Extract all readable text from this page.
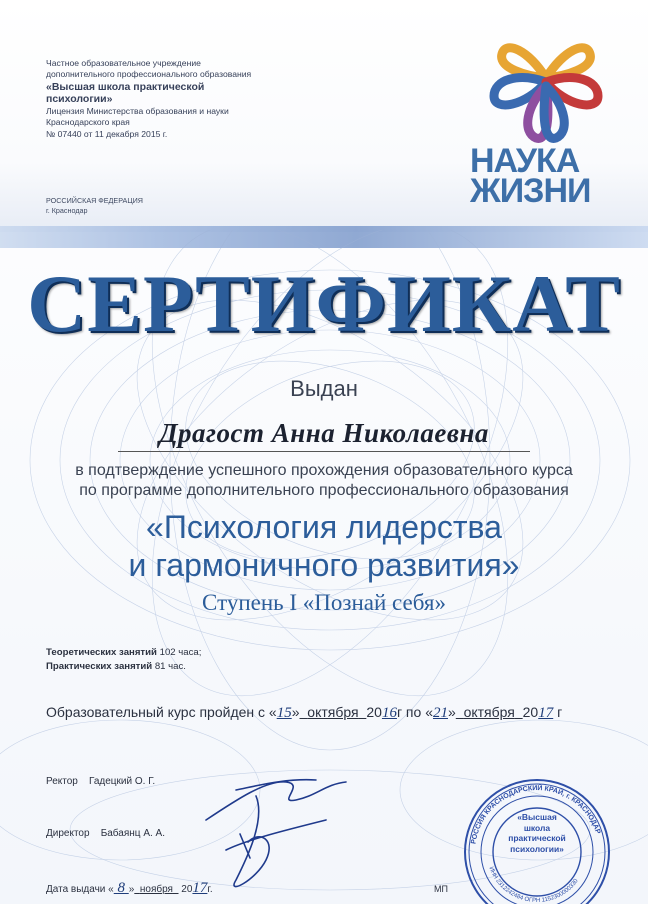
Частное образовательное учреждение
дополнительного профессионального образования
«Высшая школа практической
психологии»
Лицензия Министерства образования и науки
Краснодарского края
№ 07440 от 11 декабря 2015 г.
РОССИЙСКАЯ ФЕДЕРАЦИЯ
г. Краснодар
НАУКА
ЖИЗНИ
СЕРТИФИКАТ
Выдан
Драгост Анна Николаевна
в подтверждение успешного прохождения образовательного курса
по программе дополнительного профессионального образования
«Психология лидерства
и гармоничного развития»
Ступень I «Познай себя»
Теоретических занятий 102 часа;
Практических занятий 81 час.
Образовательный курс пройден с «15» октября 2016г по «21» октября 2017 г
Ректор Гадецкий О. Г.
Директор Бабаянц А. А.
Дата выдачи « 8 » ноября 2017г.	МП
РОССИЯ КРАСНОДАРСКИЙ КРАЙ, г. КРАСНОДАР
ИНН 2312242484 ОГРН 1152300000330
«Высшая
школа
практической
психологии»
